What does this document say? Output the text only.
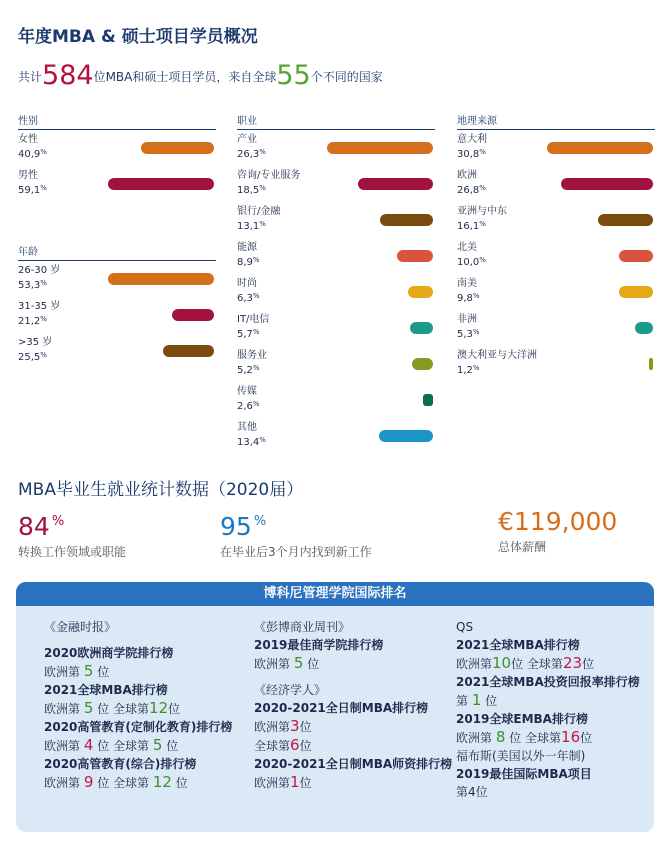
年度MBA & 硕士项目学员概况
共计584位MBA和硕士项目学员，来自全球55个不同的国家
性别
女性
40,9%
男性
59,1%
年龄
26-30 岁
53,3%
31-35 岁
21,2%
>35 岁
25,5%
职业
产业
26,3%
咨询/专业服务
18,5%
银行/金融
13,1%
能源
8,9%
时尚
6,3%
IT/电信
5,7%
服务业
5,2%
传媒
2,6%
其他
13,4%
地理来源
意大利
30,8%
欧洲
26,8%
亚洲与中东
16,1%
北美
10,0%
南美
9,8%
非洲
5,3%
澳大利亚与大洋洲
1,2%
MBA毕业生就业统计数据（2020届）
84 %
转换工作领域或职能
95 %
在毕业后3个月内找到新工作
€119,000
总体薪酬
博科尼管理学院国际排名
《金融时报》
2020欧洲商学院排行榜
欧洲第 5 位
2021全球MBA排行榜
欧洲第 5 位 全球第12位
2020高管教育(定制化教育)排行榜
欧洲第 4 位 全球第 5 位
2020高管教育(综合)排行榜
欧洲第 9 位 全球第 12 位
《彭博商业周刊》
2019最佳商学院排行榜
欧洲第 5 位
《经济学人》
2020-2021全日制MBA排行榜
欧洲第3位
全球第6位
2020-2021全日制MBA师资排行榜
欧洲第1位
QS
2021全球MBA排行榜
欧洲第10位 全球第23位
2021全球MBA投资回报率排行榜
第 1 位
2019全球EMBA排行榜
欧洲第 8 位 全球第16位
福布斯(美国以外一年制)
2019最佳国际MBA项目
第4位
